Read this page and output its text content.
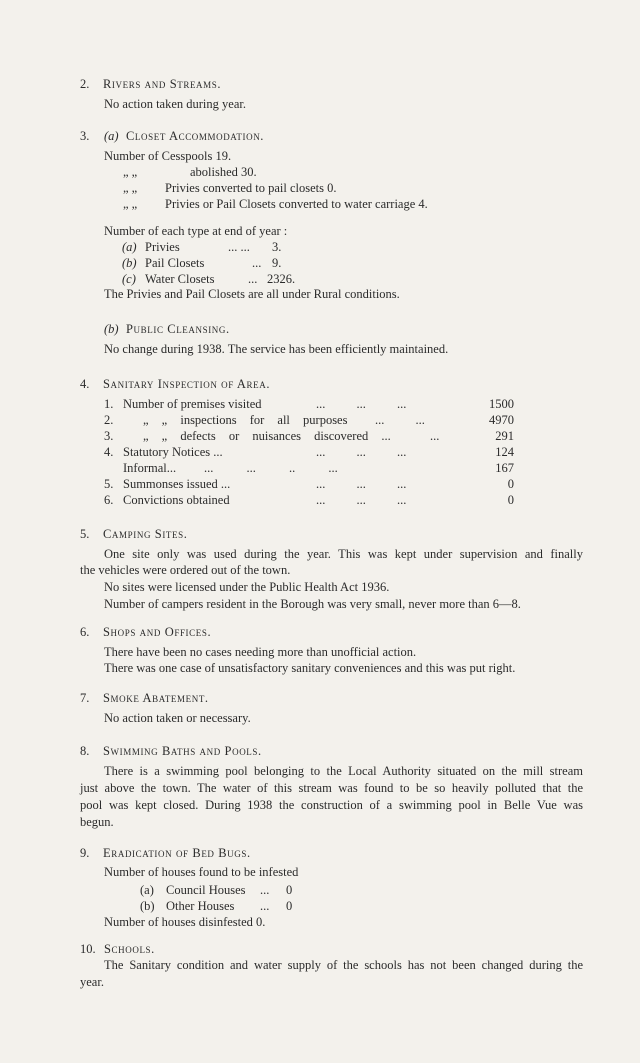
2. Rivers and Streams.
No action taken during year.
3. (a) Closet Accommodation.
Number of Cesspools 19.
„ „	abolished 30.
„ „ Privies converted to pail closets 0.
„ „ Privies or Pail Closets converted to water carriage 4.
Number of each type at end of year :
(a) Privies	... ... 3.
(b) Pail Closets	... 9.
(c) Water Closets	... 2326.
The Privies and Pail Closets are all under Rural conditions.
(b) Public Cleansing.
No change during 1938. The service has been efficiently maintained.
4. Sanitary Inspection of Area.
1. Number of premises visited	... ... ...	1500
2. „ „ inspections for all purposes ... ...	4970
3. „ „ defects or nuisances discovered ...	...	291
4. Statutory Notices ...	... ... ...	124
Informal... ... ... .. ...	167
5. Summonses issued ...	... ... ...	0
6. Convictions obtained	... ... ...	0
5. Camping Sites.
One site only was used during the year. This was kept under supervision and finally
the vehicles were ordered out of the town.
No sites were licensed under the Public Health Act 1936.
Number of campers resident in the Borough was very small, never more than 6—8.
6. Shops and Offices.
There have been no cases needing more than unofficial action.
There was one case of unsatisfactory sanitary conveniences and this was put right.
7. Smoke Abatement.
No action taken or necessary.
8. Swimming Baths and Pools.
There is a swimming pool belonging to the Local Authority situated on the mill stream
just above the town. The water of this stream was found to be so heavily polluted that the
pool was kept closed. During 1938 the construction of a swimming pool in Belle Vue was
begun.
9. Eradication of Bed Bugs.
Number of houses found to be infested
(a) Council Houses ... 0
(b) Other Houses ... 0
Number of houses disinfested 0.
10. Schools.
The Sanitary condition and water supply of the schools has not been changed during the
year.
